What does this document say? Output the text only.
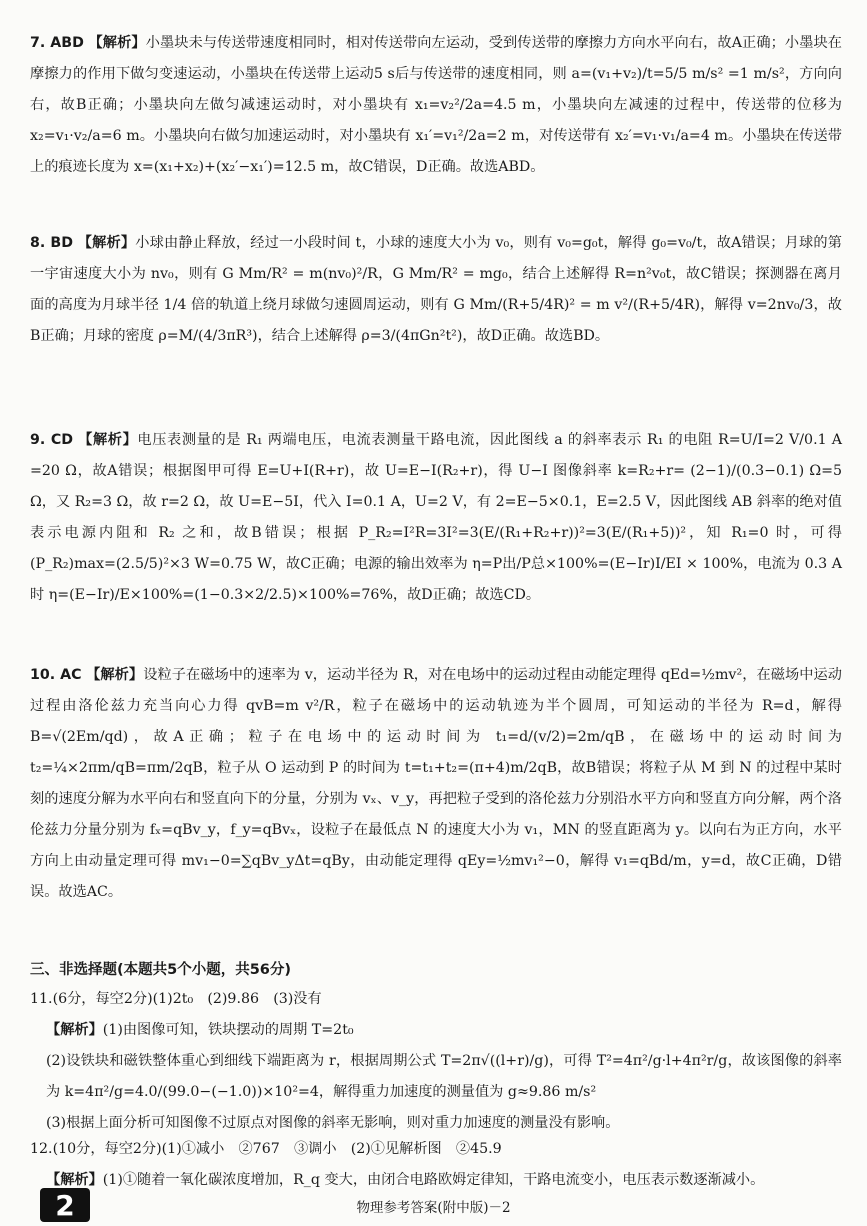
7. ABD 【解析】小墨块未与传送带速度相同时，相对传送带向左运动，受到传送带的摩擦力方向水平向右，故A正确；小墨块在摩擦力的作用下做匀变速运动，小墨块在传送带上运动5 s后与传送带的速度相同，则 a=(v₁+v₂)/t=5/5 m/s² =1 m/s²，方向向右，故B正确；小墨块向左做匀减速运动时，对小墨块有 x₁=v₂²/2a=4.5 m，小墨块向左减速的过程中，传送带的位移为 x₂=v₁·v₂/a=6 m。小墨块向右做匀加速运动时，对小墨块有 x₁′=v₁²/2a=2 m，对传送带有 x₂′=v₁·v₁/a=4 m。小墨块在传送带上的痕迹长度为 x=(x₁+x₂)+(x₂′−x₁′)=12.5 m，故C错误，D正确。故选ABD。

8. BD 【解析】小球由静止释放，经过一小段时间 t，小球的速度大小为 v₀，则有 v₀=g₀t，解得 g₀=v₀/t，故A错误；月球的第一宇宙速度大小为 nv₀，则有 G Mm/R² = m(nv₀)²/R，G Mm/R² = mg₀，结合上述解得 R=n²v₀t，故C错误；探测器在离月面的高度为月球半径 1/4 倍的轨道上绕月球做匀速圆周运动，则有 G Mm/(R+5/4R)² = m v²/(R+5/4R)，解得 v=2nv₀/3，故B正确；月球的密度 ρ=M/(4/3πR³)，结合上述解得 ρ=3/(4πGn²t²)，故D正确。故选BD。

9. CD 【解析】电压表测量的是 R₁ 两端电压，电流表测量干路电流，因此图线 a 的斜率表示 R₁ 的电阻 R=U/I=2 V/0.1 A =20 Ω，故A错误；根据图甲可得 E=U+I(R+r)，故 U=E−I(R₂+r)，得 U−I 图像斜率 k=R₂+r= (2−1)/(0.3−0.1) Ω=5 Ω，又 R₂=3 Ω，故 r=2 Ω，故 U=E−5I，代入 I=0.1 A，U=2 V，有 2=E−5×0.1，E=2.5 V，因此图线 AB 斜率的绝对值表示电源内阻和 R₂ 之和，故B错误；根据 P_R₂=I²R=3I²=3(E/(R₁+R₂+r))²=3(E/(R₁+5))²，知 R₁=0 时，可得 (P_R₂)max=(2.5/5)²×3 W=0.75 W，故C正确；电源的输出效率为 η=P出/P总×100%=(E−Ir)I/EI × 100%，电流为 0.3 A 时 η=(E−Ir)/E×100%=(1−0.3×2/2.5)×100%=76%，故D正确；故选CD。

10. AC 【解析】设粒子在磁场中的速率为 v，运动半径为 R，对在电场中的运动过程由动能定理得 qEd=½mv²，在磁场中运动过程由洛伦兹力充当向心力得 qvB=m v²/R，粒子在磁场中的运动轨迹为半个圆周，可知运动的半径为 R=d，解得 B=√(2Em/qd)，故A正确；粒子在电场中的运动时间为 t₁=d/(v/2)=2m/qB，在磁场中的运动时间为 t₂=¼×2πm/qB=πm/2qB，粒子从 O 运动到 P 的时间为 t=t₁+t₂=(π+4)m/2qB，故B错误；将粒子从 M 到 N 的过程中某时刻的速度分解为水平向右和竖直向下的分量，分别为 vₓ、v_y，再把粒子受到的洛伦兹力分别沿水平方向和竖直方向分解，两个洛伦兹力分量分别为 fₓ=qBv_y，f_y=qBvₓ，设粒子在最低点 N 的速度大小为 v₁，MN 的竖直距离为 y。以向右为正方向，水平方向上由动量定理可得 mv₁−0=∑qBv_yΔt=qBy，由动能定理得 qEy=½mv₁²−0，解得 v₁=qBd/m，y=d，故C正确，D错误。故选AC。

三、非选择题(本题共5个小题，共56分)

11.(6分，每空2分)(1)2t₀　(2)9.86　(3)没有

【解析】(1)由图像可知，铁块摆动的周期 T=2t₀

(2)设铁块和磁铁整体重心到细线下端距离为 r，根据周期公式 T=2π√((l+r)/g)，可得 T²=4π²/g·l+4π²r/g，故该图像的斜率为 k=4π²/g=4.0/(99.0−(−1.0))×10²=4，解得重力加速度的测量值为 g≈9.86 m/s²

(3)根据上面分析可知图像不过原点对图像的斜率无影响，则对重力加速度的测量没有影响。

12.(10分，每空2分)(1)①减小　②767　③调小　(2)①见解析图　②45.9

【解析】(1)①随着一氧化碳浓度增加，R_q 变大，由闭合电路欧姆定律知，干路电流变小，电压表示数逐渐减小。

2	物理参考答案(附中版)－2
